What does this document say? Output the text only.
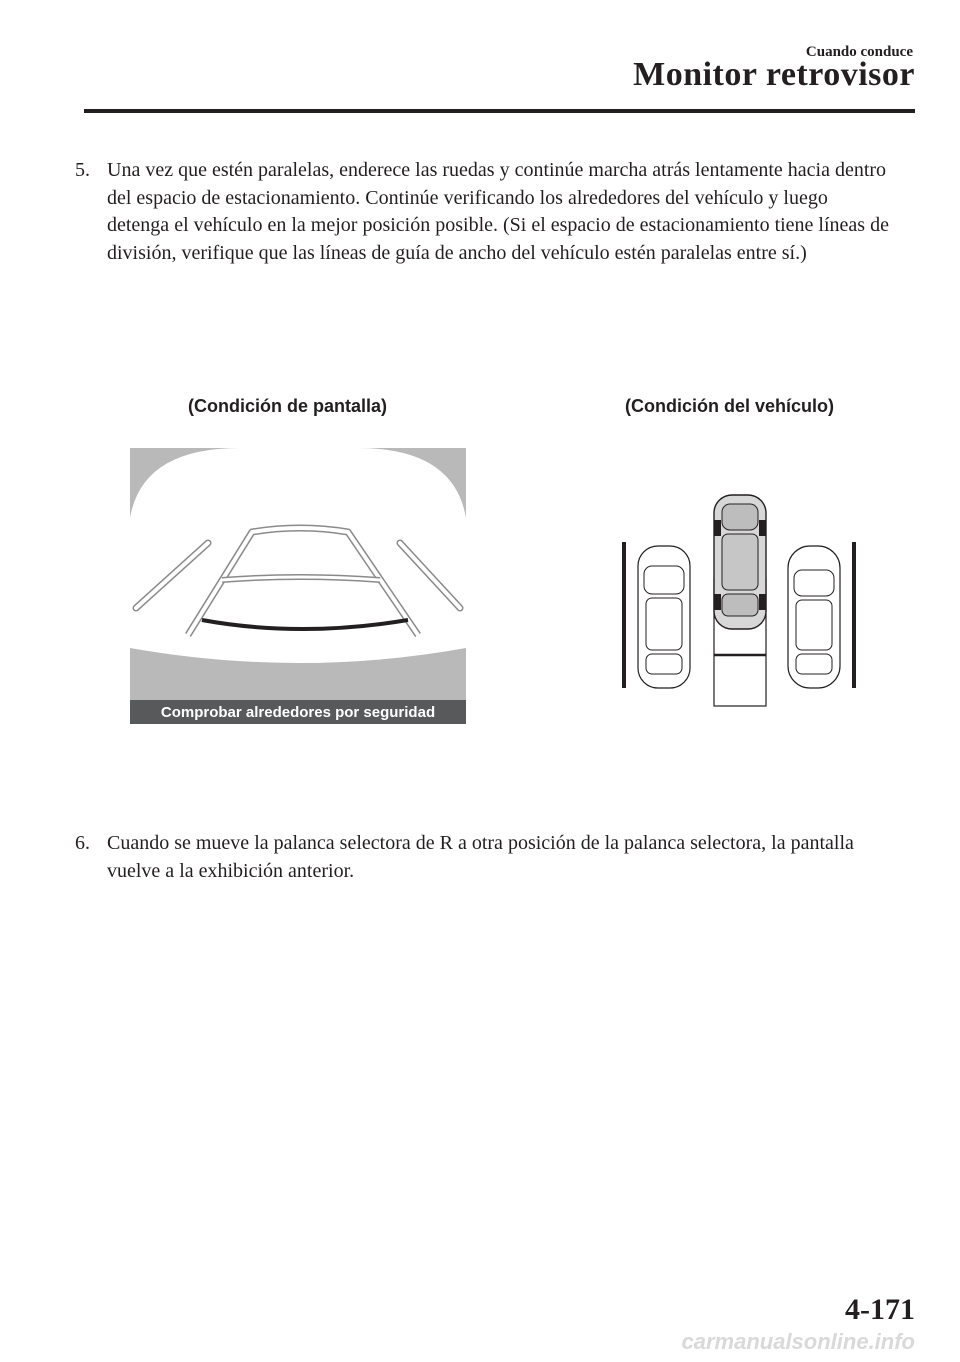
Cuando conduce
Monitor retrovisor
5. Una vez que estén paralelas, enderece las ruedas y continúe marcha atrás lentamente hacia dentro del espacio de estacionamiento. Continúe verificando los alrededores del vehículo y luego detenga el vehículo en la mejor posición posible. (Si el espacio de estacionamiento tiene líneas de división, verifique que las líneas de guía de ancho del vehículo estén paralelas entre sí.)
(Condición de pantalla)	(Condición del vehículo)
Comprobar alrededores por seguridad
6. Cuando se mueve la palanca selectora de R a otra posición de la palanca selectora, la pantalla vuelve a la exhibición anterior.
4-171
carmanualsonline.info
